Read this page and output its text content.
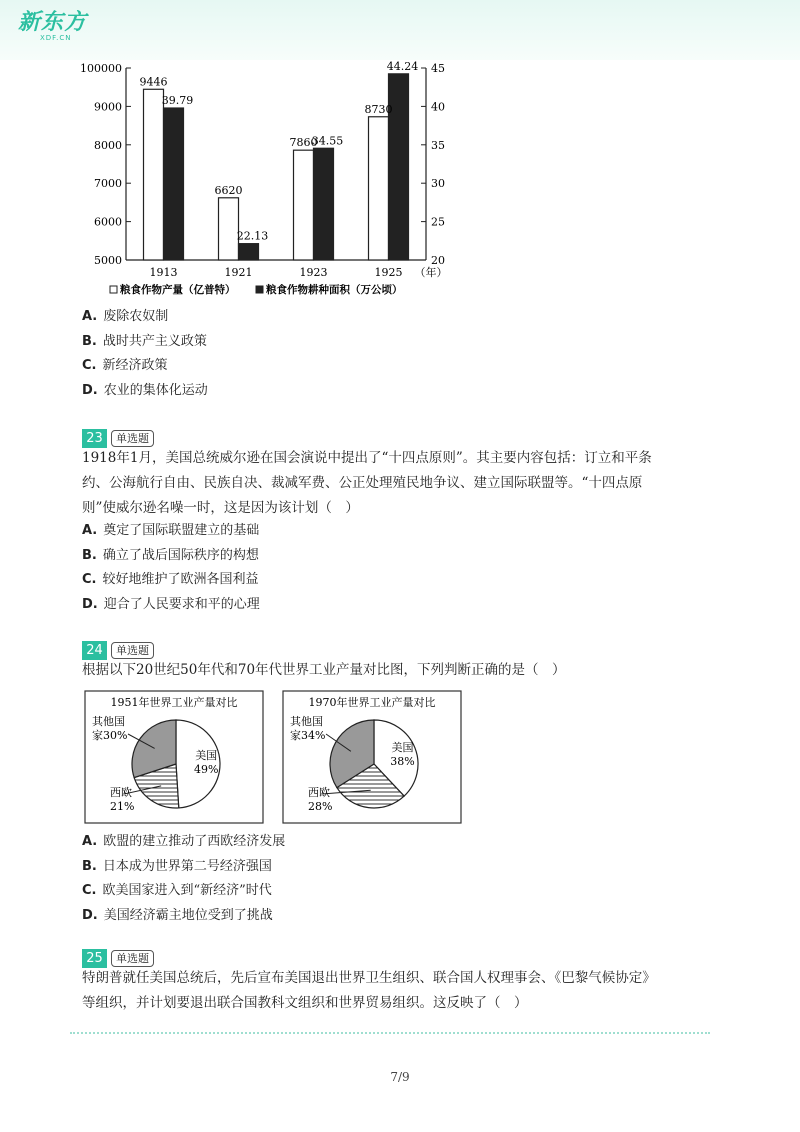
新东方
XDF.CN
100000
9000
8000
7000
6000
5000
45
40
35
30
25
20
9446
39.79
1913
6620
22.13
1921
7860
34.55
1923
8730
44.24
1925 （年）
粮食作物产量（亿普特）	粮食作物耕种面积（万公顷）
A. 废除农奴制
B. 战时共产主义政策
C. 新经济政策
D. 农业的集体化运动
23 单选题
1918年1月，美国总统威尔逊在国会演说中提出了“十四点原则”。其主要内容包括：订立和平条
约、公海航行自由、民族自决、裁减军费、公正处理殖民地争议、建立国际联盟等。“十四点原
则”使威尔逊名噪一时，这是因为该计划（　）
A. 奠定了国际联盟建立的基础
B. 确立了战后国际秩序的构想
C. 较好地维护了欧洲各国利益
D. 迎合了人民要求和平的心理
24 单选题
根据以下20世纪50年代和70年代世界工业产量对比图，下列判断正确的是（　）
1951年世界工业产量对比
美国
49%
西欧
21%
其他国
家30%
1970年世界工业产量对比
美国
38%
西欧
28%
其他国
家34%
A. 欧盟的建立推动了西欧经济发展
B. 日本成为世界第二号经济强国
C. 欧美国家进入到“新经济”时代
D. 美国经济霸主地位受到了挑战
25 单选题
特朗普就任美国总统后，先后宣布美国退出世界卫生组织、联合国人权理事会、《巴黎气候协定》
等组织，并计划要退出联合国教科文组织和世界贸易组织。这反映了（　）
7/9
